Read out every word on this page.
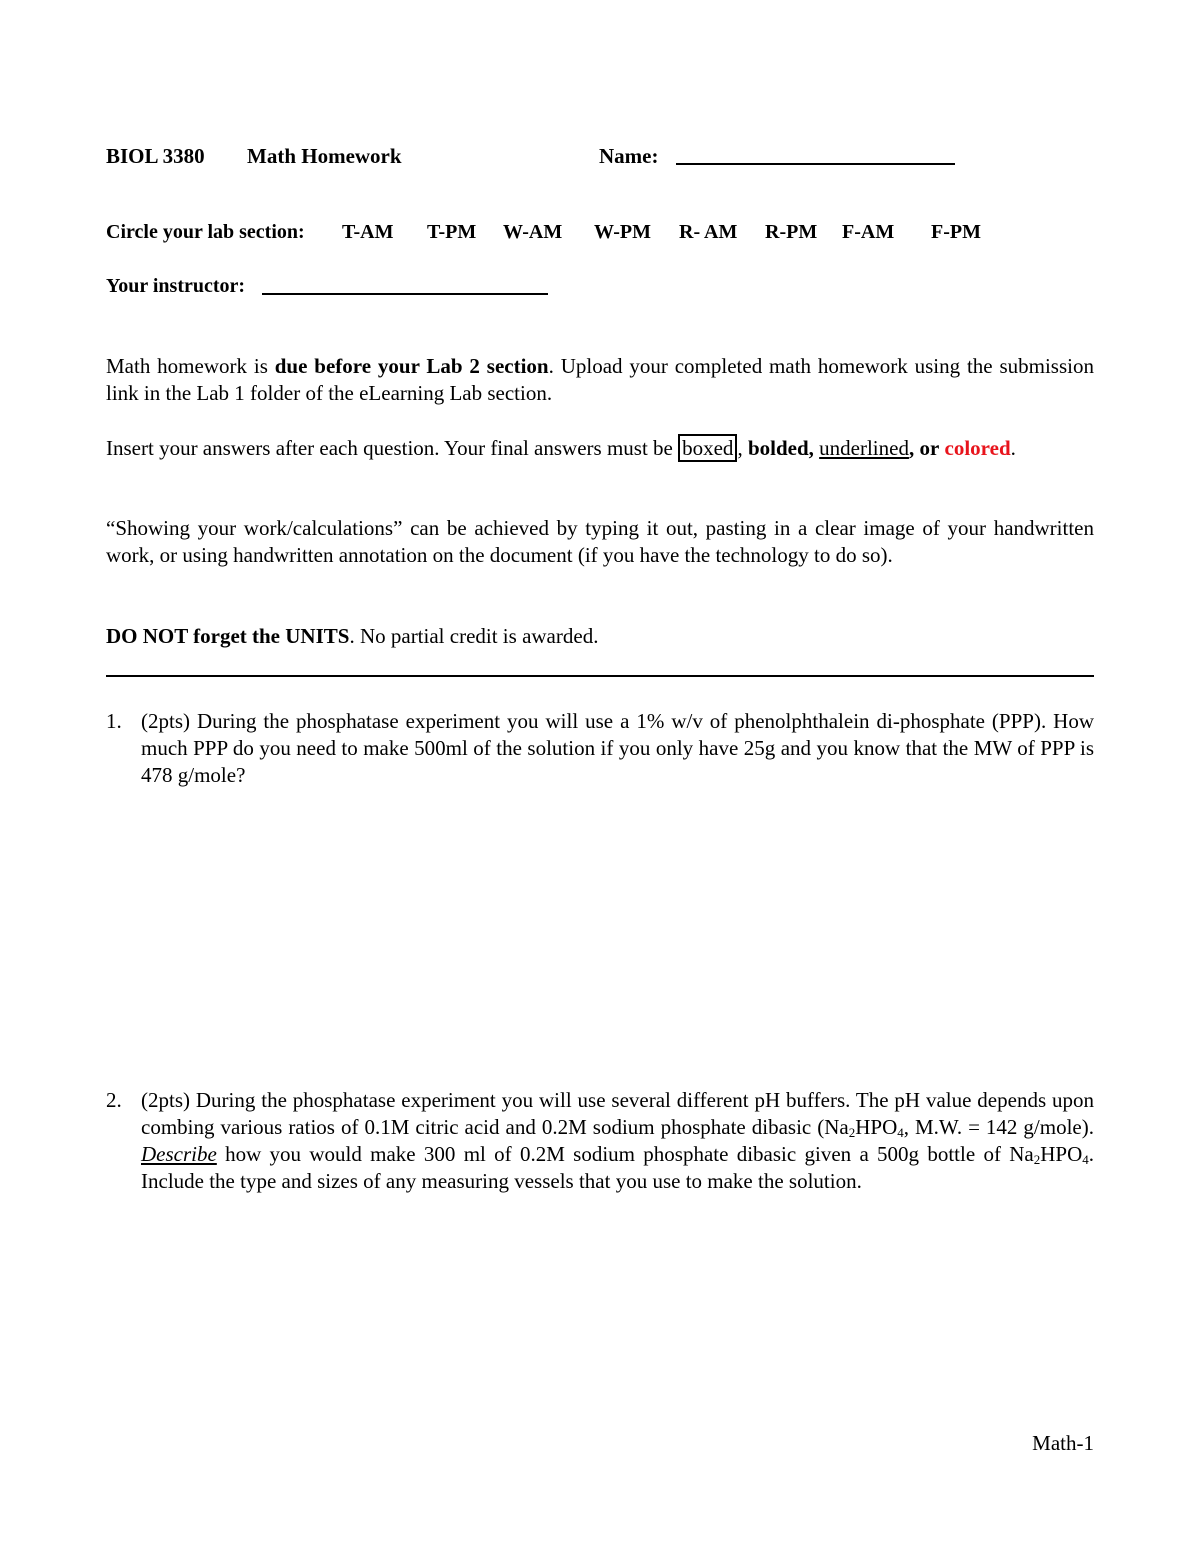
BIOL 3380 Math Homework	Name:
Circle your lab section: T-AM T-PM W-AM W-PM R- AM R-PM F-AM F-PM
Your instructor:
Math homework is due before your Lab 2 section. Upload your completed math homework using the submission link in the Lab 1 folder of the eLearning Lab section.
Insert your answers after each question. Your final answers must be boxed , bolded, underlined, or colored.
“Showing your work/calculations” can be achieved by typing it out, pasting in a clear image of your handwritten work, or using handwritten annotation on the document (if you have the technology to do so).
DO NOT forget the UNITS. No partial credit is awarded.
1. (2pts) During the phosphatase experiment you will use a 1% w/v of phenolphthalein di-phosphate (PPP). How much PPP do you need to make 500ml of the solution if you only have 25g and you know that the MW of PPP is 478 g/mole?
2. (2pts) During the phosphatase experiment you will use several different pH buffers. The pH value depends upon combing various ratios of 0.1M citric acid and 0.2M sodium phosphate dibasic ($Na_2HPO_4$, M.W. = 142 g/mole). Describe how you would make 300 ml of 0.2M sodium phosphate dibasic given a 500g bottle of $Na_2HPO_4$. Include the type and sizes of any measuring vessels that you use to make the solution.
Math-1
